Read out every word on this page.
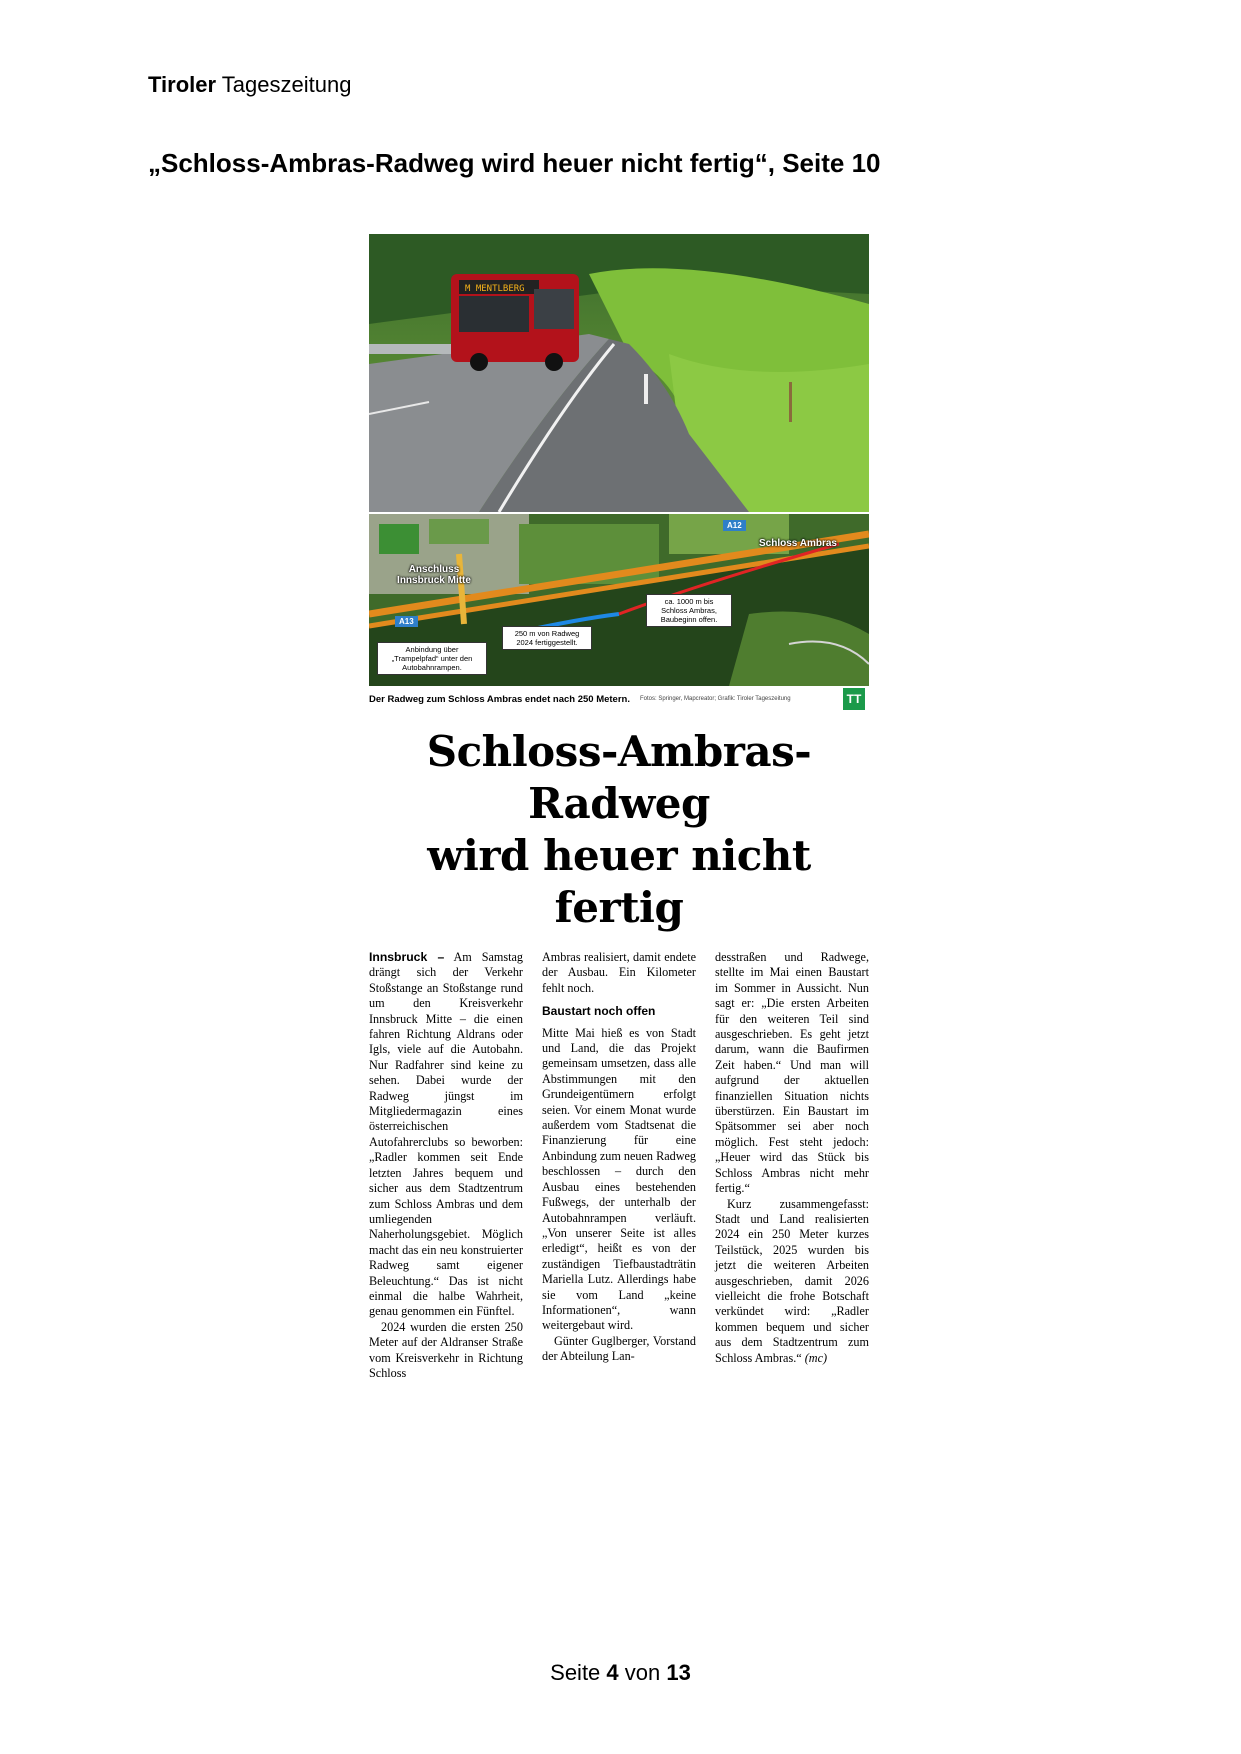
Tiroler Tageszeitung
„Schloss-Ambras-Radweg wird heuer nicht fertig“, Seite 10
M MENTLBERG
A12
A13
Schloss Ambras
Anschluss Innsbruck Mitte
ca. 1000 m bis Schloss Ambras, Baubeginn offen.
250 m von Radweg 2024 fertiggestellt.
Anbindung über „Trampelpfad“ unter den Autobahnrampen.
Der Radweg zum Schloss Ambras endet nach 250 Metern. Fotos: Springer, Mapcreator; Grafik: Tiroler Tageszeitung	TT
Schloss-Ambras-Radweg
wird heuer nicht fertig

Innsbruck – Am Samstag drängt sich der Verkehr Stoßstange an Stoßstange rund um den Kreisverkehr Innsbruck Mitte – die einen fahren Richtung Aldrans oder Igls, viele auf die Autobahn. Nur Radfahrer sind keine zu sehen. Dabei wurde der Radweg jüngst im Mitgliedermagazin eines österreichischen Autofahrerclubs so beworben: „Radler kommen seit Ende letzten Jahres bequem und sicher aus dem Stadtzentrum zum Schloss Ambras und dem umliegenden Naherholungsgebiet. Möglich macht das ein neu konstruierter Radweg samt eigener Beleuchtung.“ Das ist nicht einmal die halbe Wahrheit, genau genommen ein Fünftel.

2024 wurden die ersten 250 Meter auf der Aldranser Straße vom Kreisverkehr in Richtung Schloss

Ambras realisiert, damit endete der Ausbau. Ein Kilometer fehlt noch.

Baustart noch offen

Mitte Mai hieß es von Stadt und Land, die das Projekt gemeinsam umsetzen, dass alle Abstimmungen mit den Grundeigentümern erfolgt seien. Vor einem Monat wurde außerdem vom Stadtsenat die Finanzierung für eine Anbindung zum neuen Radweg beschlossen – durch den Ausbau eines bestehenden Fußwegs, der unterhalb der Autobahnrampen verläuft. „Von unserer Seite ist alles erledigt“, heißt es von der zuständigen Tiefbaustadträtin Mariella Lutz. Allerdings habe sie vom Land „keine Informationen“, wann weitergebaut wird.

Günter Guglberger, Vorstand der Abteilung Lan-

desstraßen und Radwege, stellte im Mai einen Baustart im Sommer in Aussicht. Nun sagt er: „Die ersten Arbeiten für den weiteren Teil sind ausgeschrieben. Es geht jetzt darum, wann die Baufirmen Zeit haben.“ Und man will aufgrund der aktuellen finanziellen Situation nichts überstürzen. Ein Baustart im Spätsommer sei aber noch möglich. Fest steht jedoch: „Heuer wird das Stück bis Schloss Ambras nicht mehr fertig.“

Kurz zusammengefasst: Stadt und Land realisierten 2024 ein 250 Meter kurzes Teilstück, 2025 wurden bis jetzt die weiteren Arbeiten ausgeschrieben, damit 2026 vielleicht die frohe Botschaft verkündet wird: „Radler kommen bequem und sicher aus dem Stadtzentrum zum Schloss Ambras.“ (mc)

Seite 4 von 13
